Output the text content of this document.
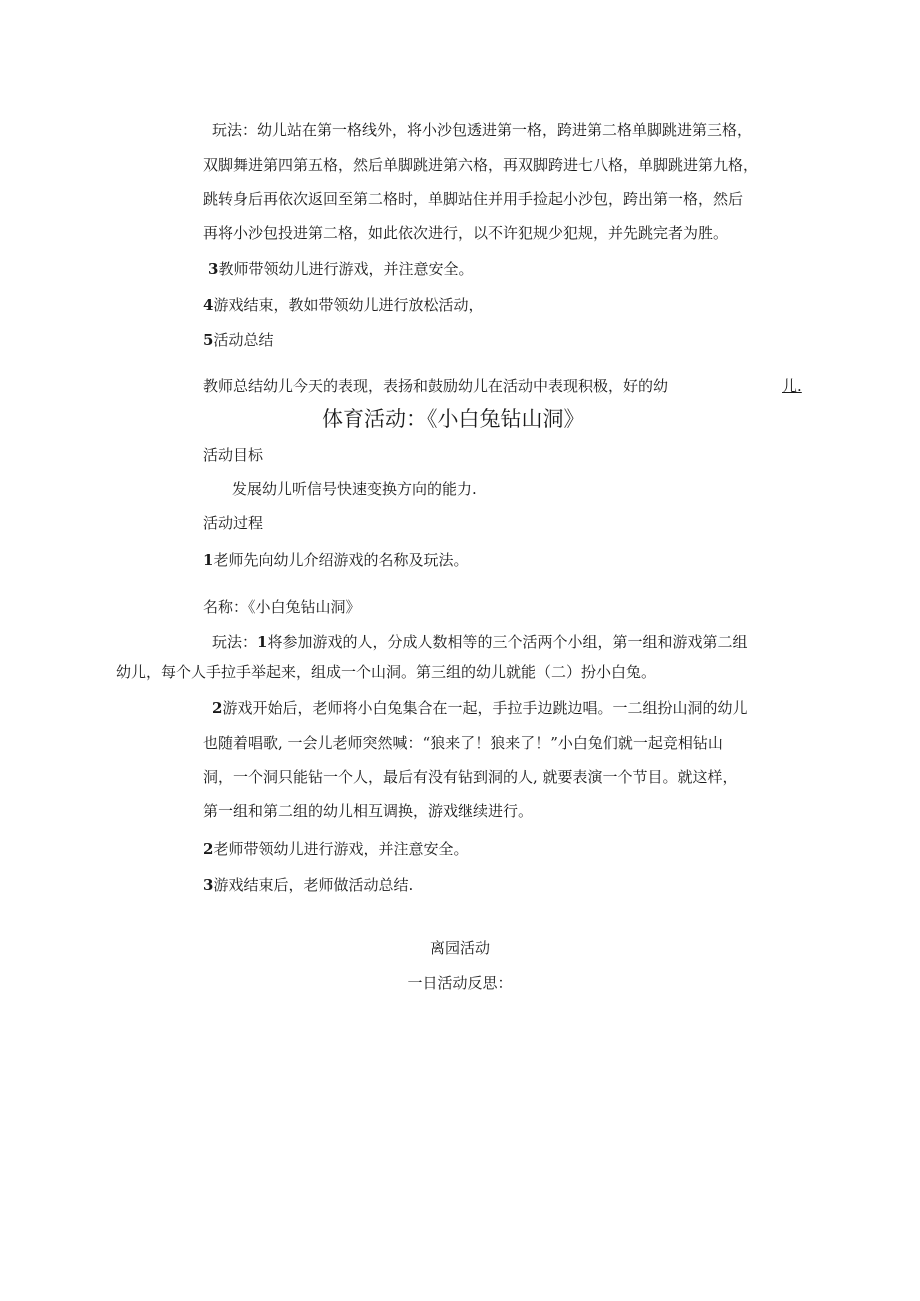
玩法：幼儿站在第一格线外，将小沙包透进第一格，跨进第二格单脚跳进第三格，
双脚舞进第四第五格，然后单脚跳进第六格，再双脚跨进七八格，单脚跳进第九格，
跳转身后再依次返回至第二格时，单脚站住并用手捡起小沙包，跨出第一格，然后
再将小沙包投进第二格，如此依次进行，以不许犯规少犯规，并先跳完者为胜。
3教师带领幼儿进行游戏，并注意安全。
4游戏结束，教如带领幼儿进行放松活动，
5活动总结
教师总结幼儿今天的表现，表扬和鼓励幼儿在活动中表现积极，好的幼	儿.
体育活动：《小白兔钻山洞》
活动目标
发展幼儿听信号快速变换方向的能力.
活动过程
1老师先向幼儿介绍游戏的名称及玩法。
名称：《小白兔钻山洞》
玩法：1将参加游戏的人，分成人数相等的三个活两个小组，第一组和游戏第二组
幼儿，每个人手拉手举起来，组成一个山洞。第三组的幼儿就能（二）扮小白兔。
2游戏开始后，老师将小白兔集合在一起，手拉手边跳边唱。一二组扮山洞的幼儿
也随着唱歌, 一会儿老师突然喊：“狼来了！狼来了！”小白兔们就一起竞相钻山
洞，一个洞只能钻一个人，最后有没有钻到洞的人, 就要表演一个节目。就这样，
第一组和第二组的幼儿相互调换，游戏继续进行。
2老师带领幼儿进行游戏，并注意安全。
3游戏结束后，老师做活动总结.
离园活动
一日活动反思：
